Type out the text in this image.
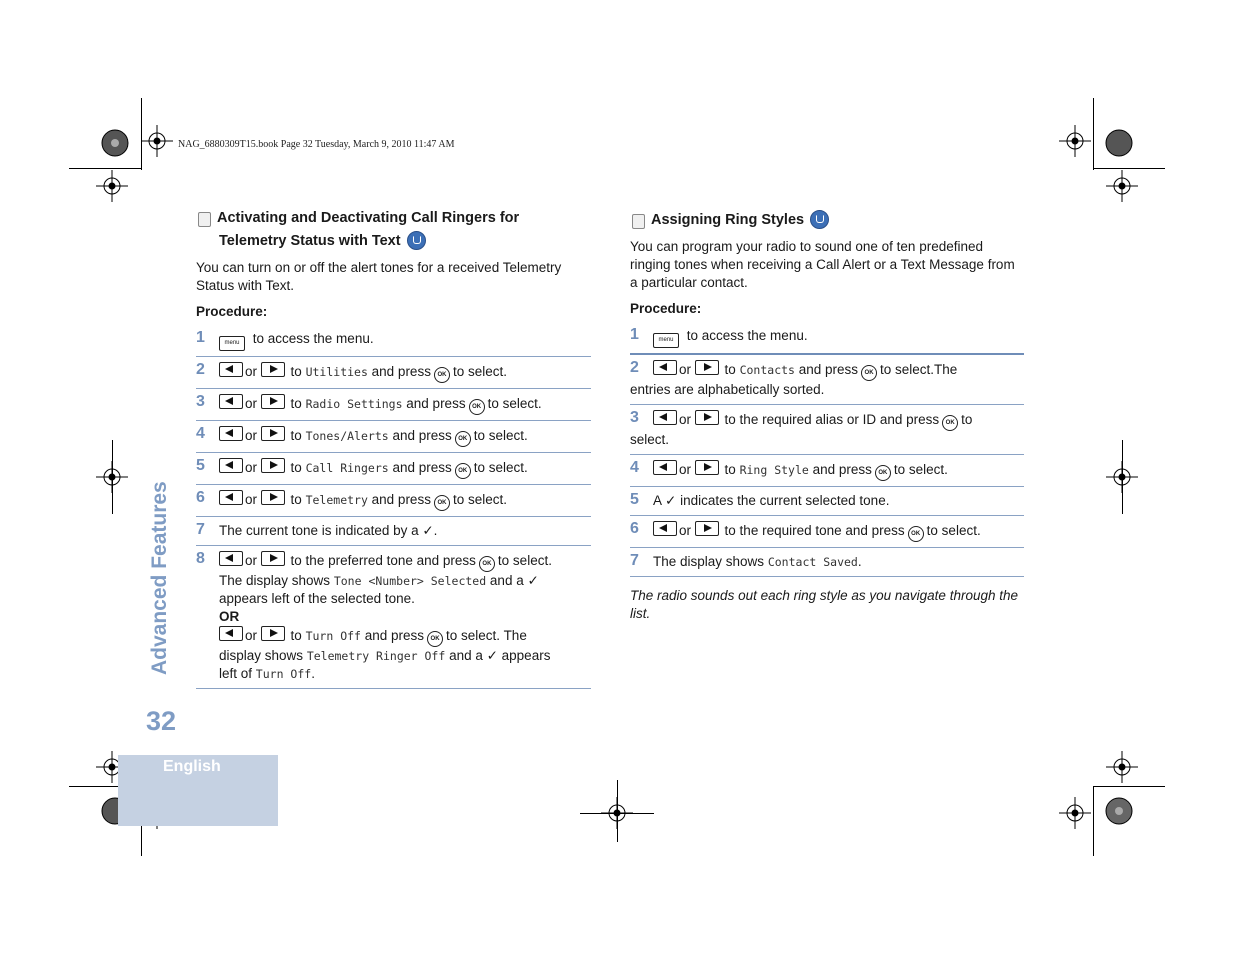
NAG_6880309T15.book Page 32 Tuesday, March 9, 2010 11:47 AM
Activating and Deactivating Call Ringers for
Telemetry Status with Text
You can turn on or off the alert tones for a received Telemetry Status with Text.
Procedure:
1	menu to access the menu.
2	or to Utilities and press OK to select.
3	or to Radio Settings and press OK to select.
4	or to Tones/Alerts and press OK to select.
5	or to Call Ringers and press OK to select.
6	or to Telemetry and press OK to select.
7 The current tone is indicated by a ✓.
8	or to the preferred tone and press OK to select.
The display shows Tone <Number> Selected and a ✓
appears left of the selected tone.
OR
or to Turn Off and press OK to select. The
display shows Telemetry Ringer Off and a ✓ appears
left of Turn Off.
Assigning Ring Styles
You can program your radio to sound one of ten predefined ringing tones when receiving a Call Alert or a Text Message from a particular contact.
Procedure:
1	menu to access the menu.
2	or to Contacts and press OK to select.The
entries are alphabetically sorted.
3	or to the required alias or ID and press OK to
select.
4	or to Ring Style and press OK to select.
5 A ✓ indicates the current selected tone.
6	or to the required tone and press OK to select.
7 The display shows Contact Saved.
The radio sounds out each ring style as you navigate through the list.
Advanced Features
32
English
